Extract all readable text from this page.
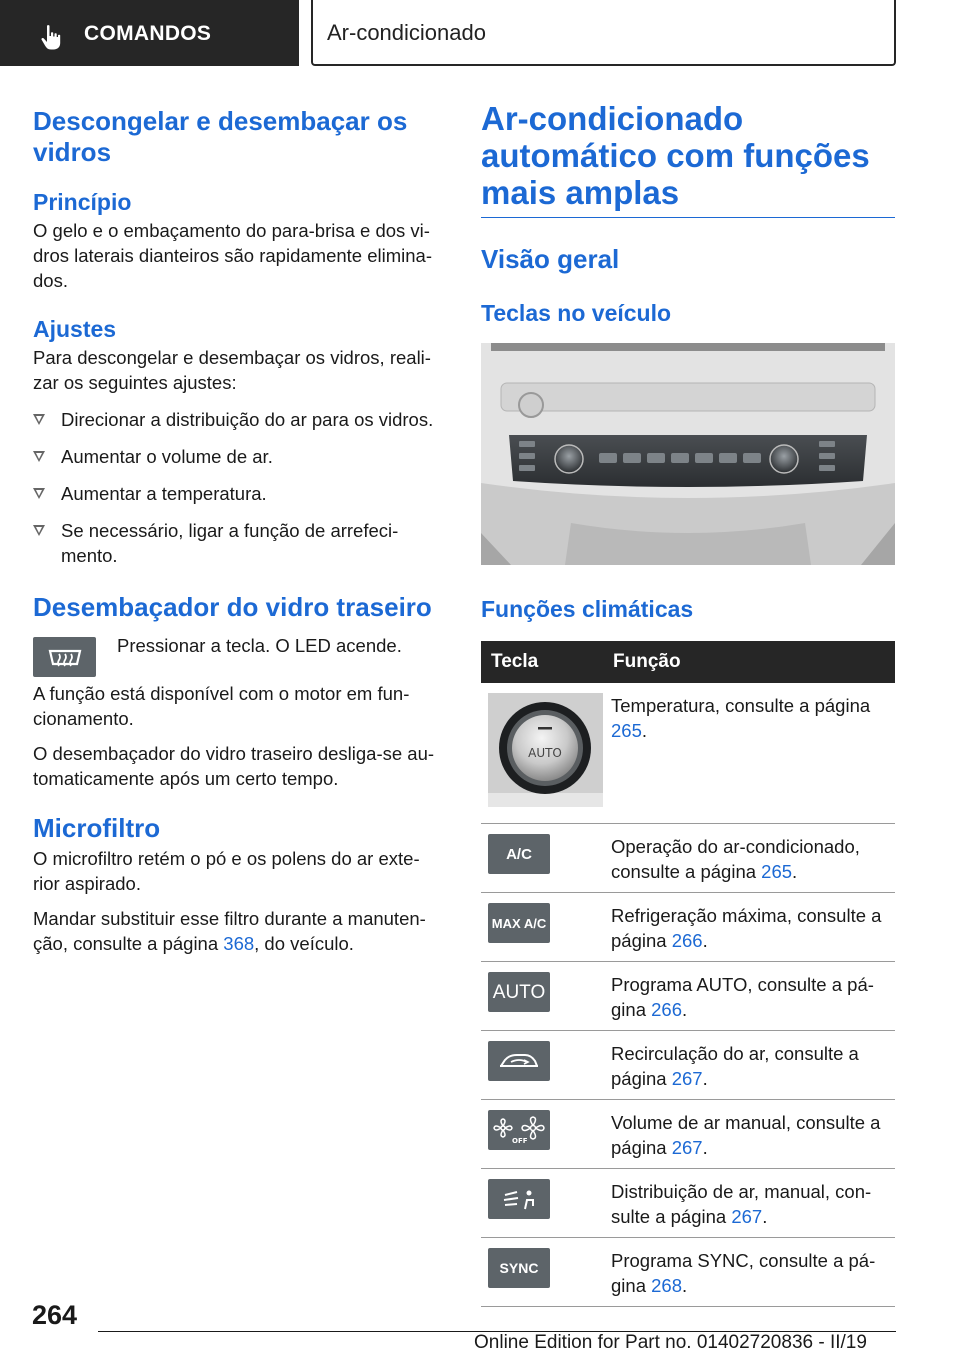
COMANDOS	Ar-condicionado
Descongelar e desembaçar os vidros
Princípio
O gelo e o embaçamento do para-brisa e dos vi-dros laterais dianteiros são rapidamente elimina-dos.
Ajustes
Para descongelar e desembaçar os vidros, reali-zar os seguintes ajustes:
Direcionar a distribuição do ar para os vidros.
Aumentar o volume de ar.
Aumentar a temperatura.
Se necessário, ligar a função de arrefeci-mento.
Desembaçador do vidro traseiro
Pressionar a tecla. O LED acende.
A função está disponível com o motor em fun-cionamento.
O desembaçador do vidro traseiro desliga-se au-tomaticamente após um certo tempo.
Microfiltro
O microfiltro retém o pó e os polens do ar exte-rior aspirado.
Mandar substituir esse filtro durante a manuten-ção, consulte a página 368, do veículo.
Ar-condicionado automático com funções mais amplas
Visão geral
Teclas no veículo
Funções climáticas
Tecla	Função

AUTO	Temperatura, consulte a página 265.

A/C	Operação do ar-condicionado, consulte a página 265.

MAX A/C	Refrigeração máxima, consulte a página 266.

AUTO	Programa AUTO, consulte a pá-gina 266.

	Recirculação do ar, consulte a página 267.

OFF	Volume de ar manual, consulte a página 267.

	Distribuição de ar, manual, con-sulte a página 267.

SYNC	Programa SYNC, consulte a pá-gina 268.
264
Online Edition for Part no. 01402720836 - II/19
